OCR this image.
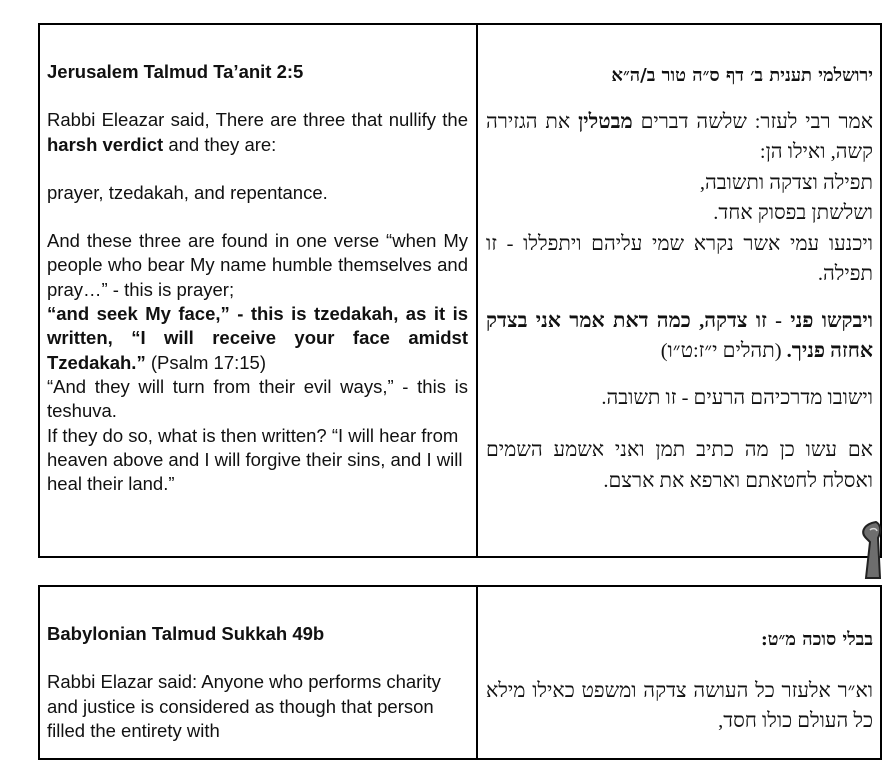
Jerusalem Talmud Ta’anit 2:5

Rabbi Eleazar said, There are three that nullify the harsh verdict and they are:

prayer, tzedakah, and repentance.

And these three are found in one verse “when My people who bear My name humble themselves and pray…” - this is prayer;

“and seek My face,” - this is tzedakah, as it is written, “I will receive your face amidst Tzedakah.” (Psalm 17:15)

“And they will turn from their evil ways,” - this is teshuva.

If they do so, what is then written? “I will hear from heaven above and I will forgive their sins, and I will heal their land.”

ירושלמי תענית ב׳ דף ס״ה טור ב/ה״א

אמר רבי לעזר: שלשה דברים מבטלין את הגזירה קשה, ואילו הן:

תפילה וצדקה ותשובה,

ושלשתן בפסוק אחד.

ויכנעו עמי אשר נקרא שמי עליהם ויתפללו - זו תפילה.

ויבקשו פני - זו צדקה, כמה דאת אמר אני בצדק אחזה פניך. (תהלים י״ז:ט״ו)

וישובו מדרכיהם הרעים - זו תשובה.

אם עשו כן מה כתיב תמן ואני אשמע השמים ואסלח לחטאתם וארפא את ארצם.

Babylonian Talmud Sukkah 49b

Rabbi Elazar said: Anyone who performs charity and justice is considered as though that person filled the entirety with

בבלי סוכה מ״ט:

וא״ר אלעזר כל העושה צדקה ומשפט כאילו מילא כל העולם כולו חסד,
